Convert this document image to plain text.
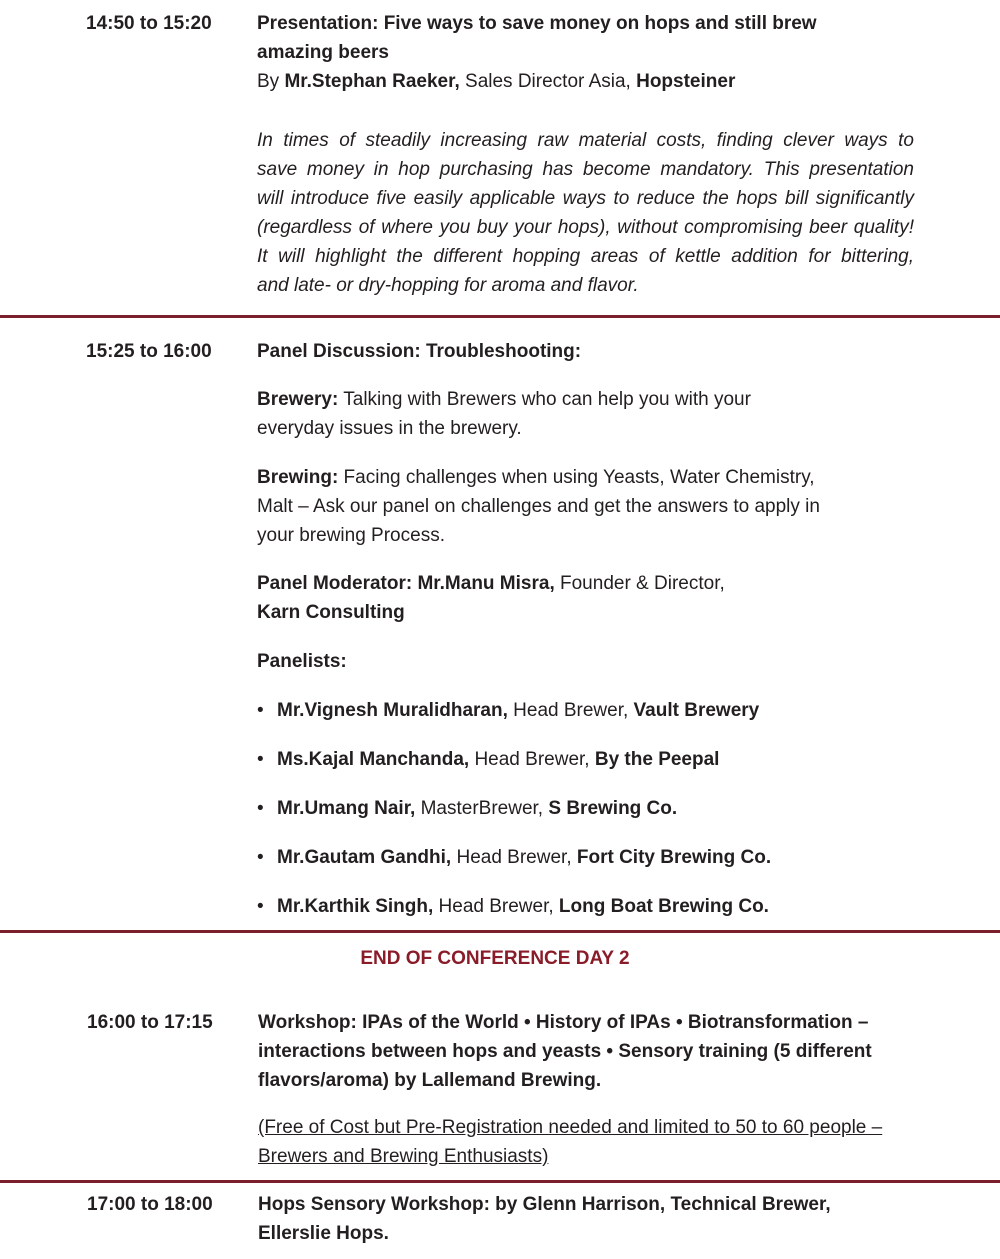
14:50 to 15:20 Presentation: Five ways to save money on hops and still brew
amazing beers
By Mr.Stephan Raeker, Sales Director Asia, Hopsteiner
In times of steadily increasing raw material costs, finding clever ways to
save money in hop purchasing has become mandatory. This presentation
will introduce five easily applicable ways to reduce the hops bill significantly
(regardless of where you buy your hops), without compromising beer quality!
It will highlight the different hopping areas of kettle addition for bittering,
and late- or dry-hopping for aroma and flavor.
15:25 to 16:00 Panel Discussion: Troubleshooting:
Brewery: Talking with Brewers who can help you with your
everyday issues in the brewery.
Brewing: Facing challenges when using Yeasts, Water Chemistry,
Malt – Ask our panel on challenges and get the answers to apply in
your brewing Process.
Panel Moderator: Mr.Manu Misra, Founder & Director,
Karn Consulting
Panelists:
• Mr.Vignesh Muralidharan, Head Brewer, Vault Brewery
• Ms.Kajal Manchanda, Head Brewer, By the Peepal
• Mr.Umang Nair, MasterBrewer, S Brewing Co.
• Mr.Gautam Gandhi, Head Brewer, Fort City Brewing Co.
• Mr.Karthik Singh, Head Brewer, Long Boat Brewing Co.
END OF CONFERENCE DAY 2
16:00 to 17:15 Workshop: IPAs of the World • History of IPAs • Biotransformation –
interactions between hops and yeasts • Sensory training (5 different
flavors/aroma) by Lallemand Brewing.
(Free of Cost but Pre-Registration needed and limited to 50 to 60 people –
Brewers and Brewing Enthusiasts)
17:00 to 18:00 Hops Sensory Workshop: by Glenn Harrison, Technical Brewer,
Ellerslie Hops.
